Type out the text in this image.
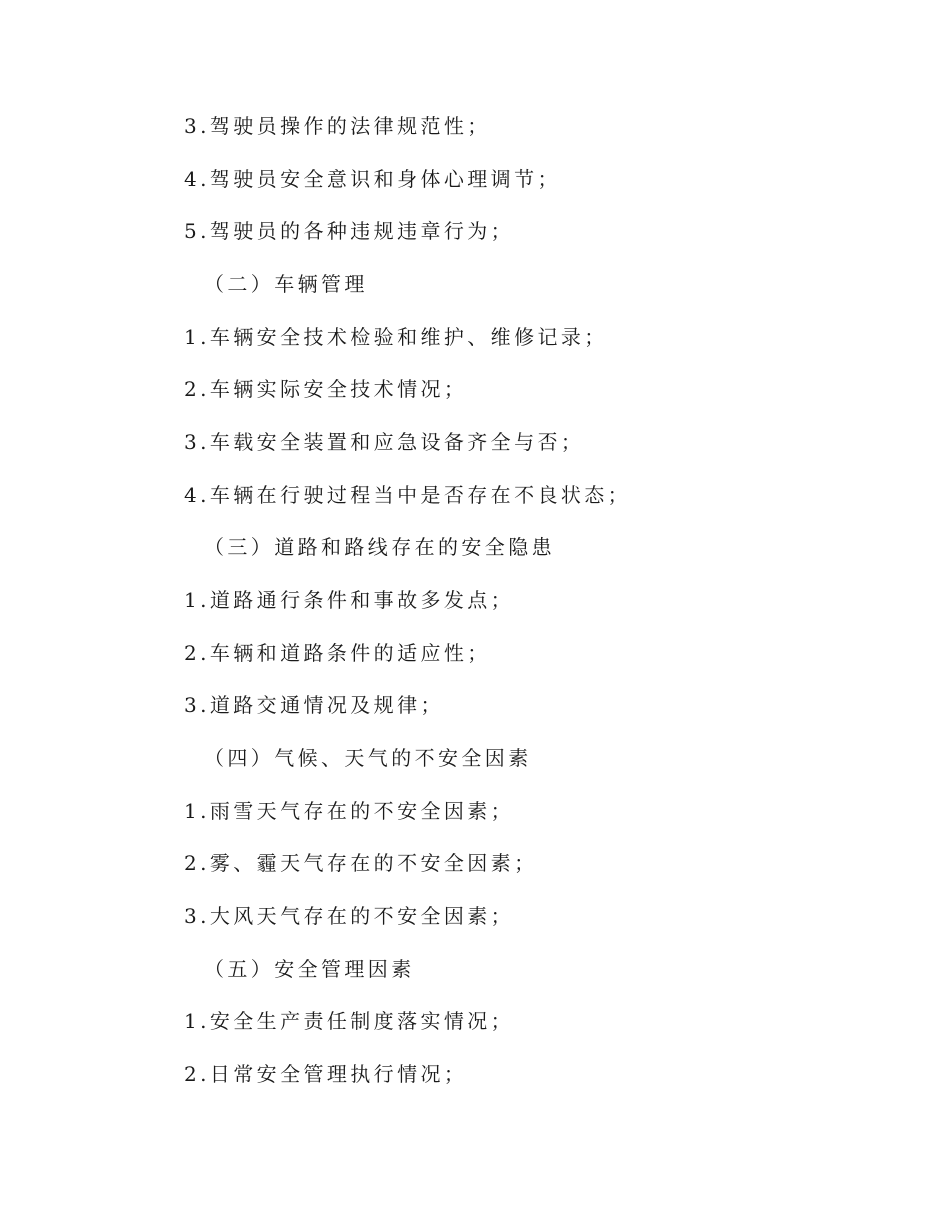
3.驾驶员操作的法律规范性；
4.驾驶员安全意识和身体心理调节；
5.驾驶员的各种违规违章行为；
（二）车辆管理
1.车辆安全技术检验和维护、维修记录；
2.车辆实际安全技术情况；
3.车载安全装置和应急设备齐全与否；
4.车辆在行驶过程当中是否存在不良状态；
（三）道路和路线存在的安全隐患
1.道路通行条件和事故多发点；
2.车辆和道路条件的适应性；
3.道路交通情况及规律；
（四）气候、天气的不安全因素
1.雨雪天气存在的不安全因素；
2.雾、霾天气存在的不安全因素；
3.大风天气存在的不安全因素；
（五）安全管理因素
1.安全生产责任制度落实情况；
2.日常安全管理执行情况；
